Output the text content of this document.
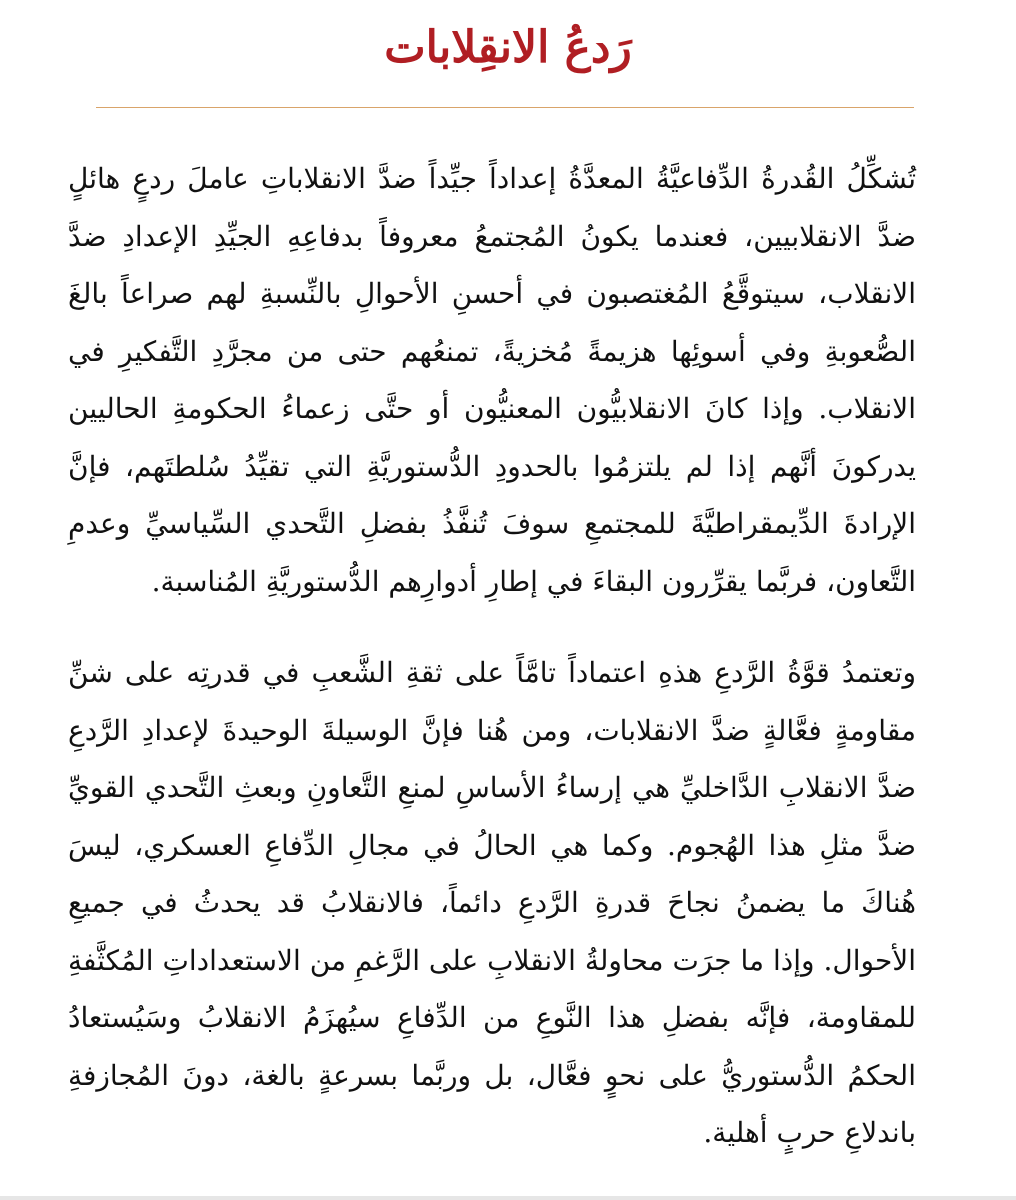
رَدعُ الانقِلابات

تُشكِّلُ القُدرةُ الدِّفاعيَّةُ المعدَّةُ إعداداً جيِّداً ضدَّ الانقلاباتِ عاملَ ردعٍ هائلٍ ضدَّ الانقلابيين، فعندما يكونُ المُجتمعُ معروفاً بدفاعِهِ الجيِّدِ الإعدادِ ضدَّ الانقلاب، سيتوقَّعُ المُغتصبون في أحسنِ الأحوالِ بالنِّسبةِ لهم صراعاً بالغَ الصُّعوبةِ وفي أسوئِها هزيمةً مُخزيةً، تمنعُهم حتى من مجرَّدِ التَّفكيرِ في الانقلاب. وإذا كانَ الانقلابيُّون المعنيُّون أو حتَّى زعماءُ الحكومةِ الحاليين يدركونَ أنَّهم إذا لم يلتزمُوا بالحدودِ الدُّستوريَّةِ التي تقيِّدُ سُلطتَهم، فإنَّ الإرادةَ الدِّيمقراطيَّةَ للمجتمعِ سوفَ تُنفَّذُ بفضلِ التَّحدي السِّياسيِّ وعدمِ التَّعاون، فربَّما يقرِّرون البقاءَ في إطارِ أدوارِهم الدُّستوريَّةِ المُناسبة.

وتعتمدُ قوَّةُ الرَّدعِ هذهِ اعتماداً تامَّاً على ثقةِ الشَّعبِ في قدرتِه على شنِّ مقاومةٍ فعَّالةٍ ضدَّ الانقلابات، ومن هُنا فإنَّ الوسيلةَ الوحيدةَ لإعدادِ الرَّدعِ ضدَّ الانقلابِ الدَّاخليِّ هي إرساءُ الأساسِ لمنعِ التَّعاونِ وبعثِ التَّحدي القويِّ ضدَّ مثلِ هذا الهُجوم. وكما هي الحالُ في مجالِ الدِّفاعِ العسكري، ليسَ هُناكَ ما يضمنُ نجاحَ قدرةِ الرَّدعِ دائماً، فالانقلابُ قد يحدثُ في جميعِ الأحوال. وإذا ما جرَت محاولةُ الانقلابِ على الرَّغمِ من الاستعداداتِ المُكثَّفةِ للمقاومة، فإنَّه بفضلِ هذا النَّوعِ من الدِّفاعِ سيُهزَمُ الانقلابُ وسَيُستعادُ الحكمُ الدُّستوريُّ على نحوٍ فعَّال، بل وربَّما بسرعةٍ بالغة، دونَ المُجازفةِ باندلاعِ حربٍ أهلية.
